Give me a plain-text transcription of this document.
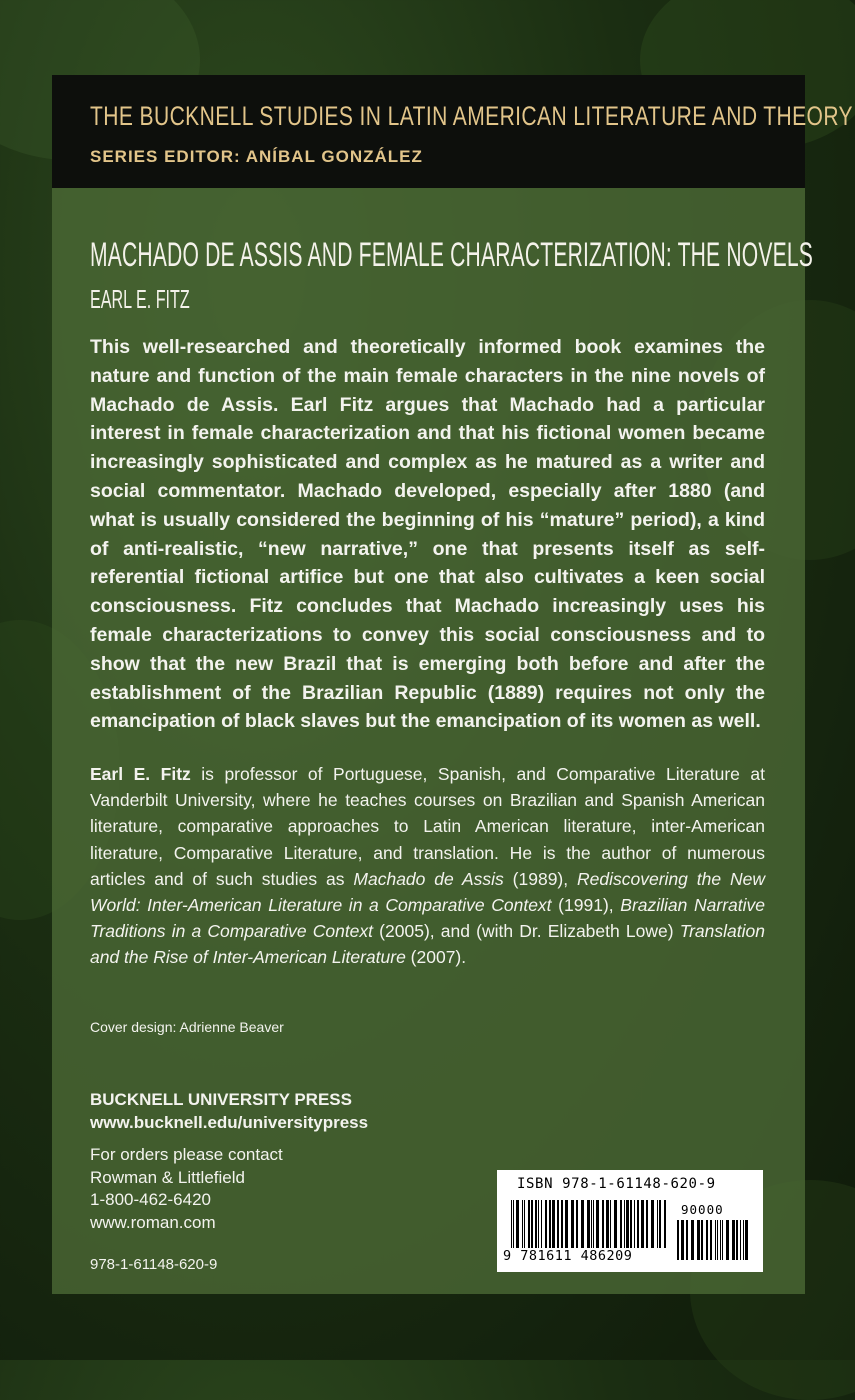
THE BUCKNELL STUDIES IN LATIN AMERICAN LITERATURE AND THEORY
SERIES EDITOR: ANÍBAL GONZÁLEZ
MACHADO DE ASSIS AND FEMALE CHARACTERIZATION: THE NOVELS
EARL E. FITZ

This well-researched and theoretically informed book examines the nature and function of the main female characters in the nine novels of Machado de Assis. Earl Fitz argues that Machado had a particular interest in female characterization and that his fictional women became increasingly sophisticated and complex as he matured as a writer and social commentator. Machado developed, especially after 1880 (and what is usually considered the beginning of his “mature” period), a kind of anti-realistic, “new narrative,” one that presents itself as self-referential fictional artifice but one that also cultivates a keen social consciousness. Fitz concludes that Machado increasingly uses his female characterizations to convey this social consciousness and to show that the new Brazil that is emerging both before and after the establishment of the Brazilian Republic (1889) requires not only the emancipation of black slaves but the emancipation of its women as well.

Earl E. Fitz is professor of Portuguese, Spanish, and Comparative Literature at Vanderbilt University, where he teaches courses on Brazilian and Spanish American literature, comparative approaches to Latin American literature, inter-American literature, Comparative Literature, and translation. He is the author of numerous articles and of such studies as Machado de Assis (1989), Rediscovering the New World: Inter-American Literature in a Comparative Context (1991), Brazilian Narrative Traditions in a Comparative Context (2005), and (with Dr. Elizabeth Lowe) Translation and the Rise of Inter-American Literature (2007).

Cover design: Adrienne Beaver

BUCKNELL UNIVERSITY PRESS
www.bucknell.edu/universitypress
For orders please contact
Rowman & Littlefield
1-800-462-6420
www.roman.com
978-1-61148-620-9
ISBN 978-1-61148-620-9
90000
9 781611 486209
